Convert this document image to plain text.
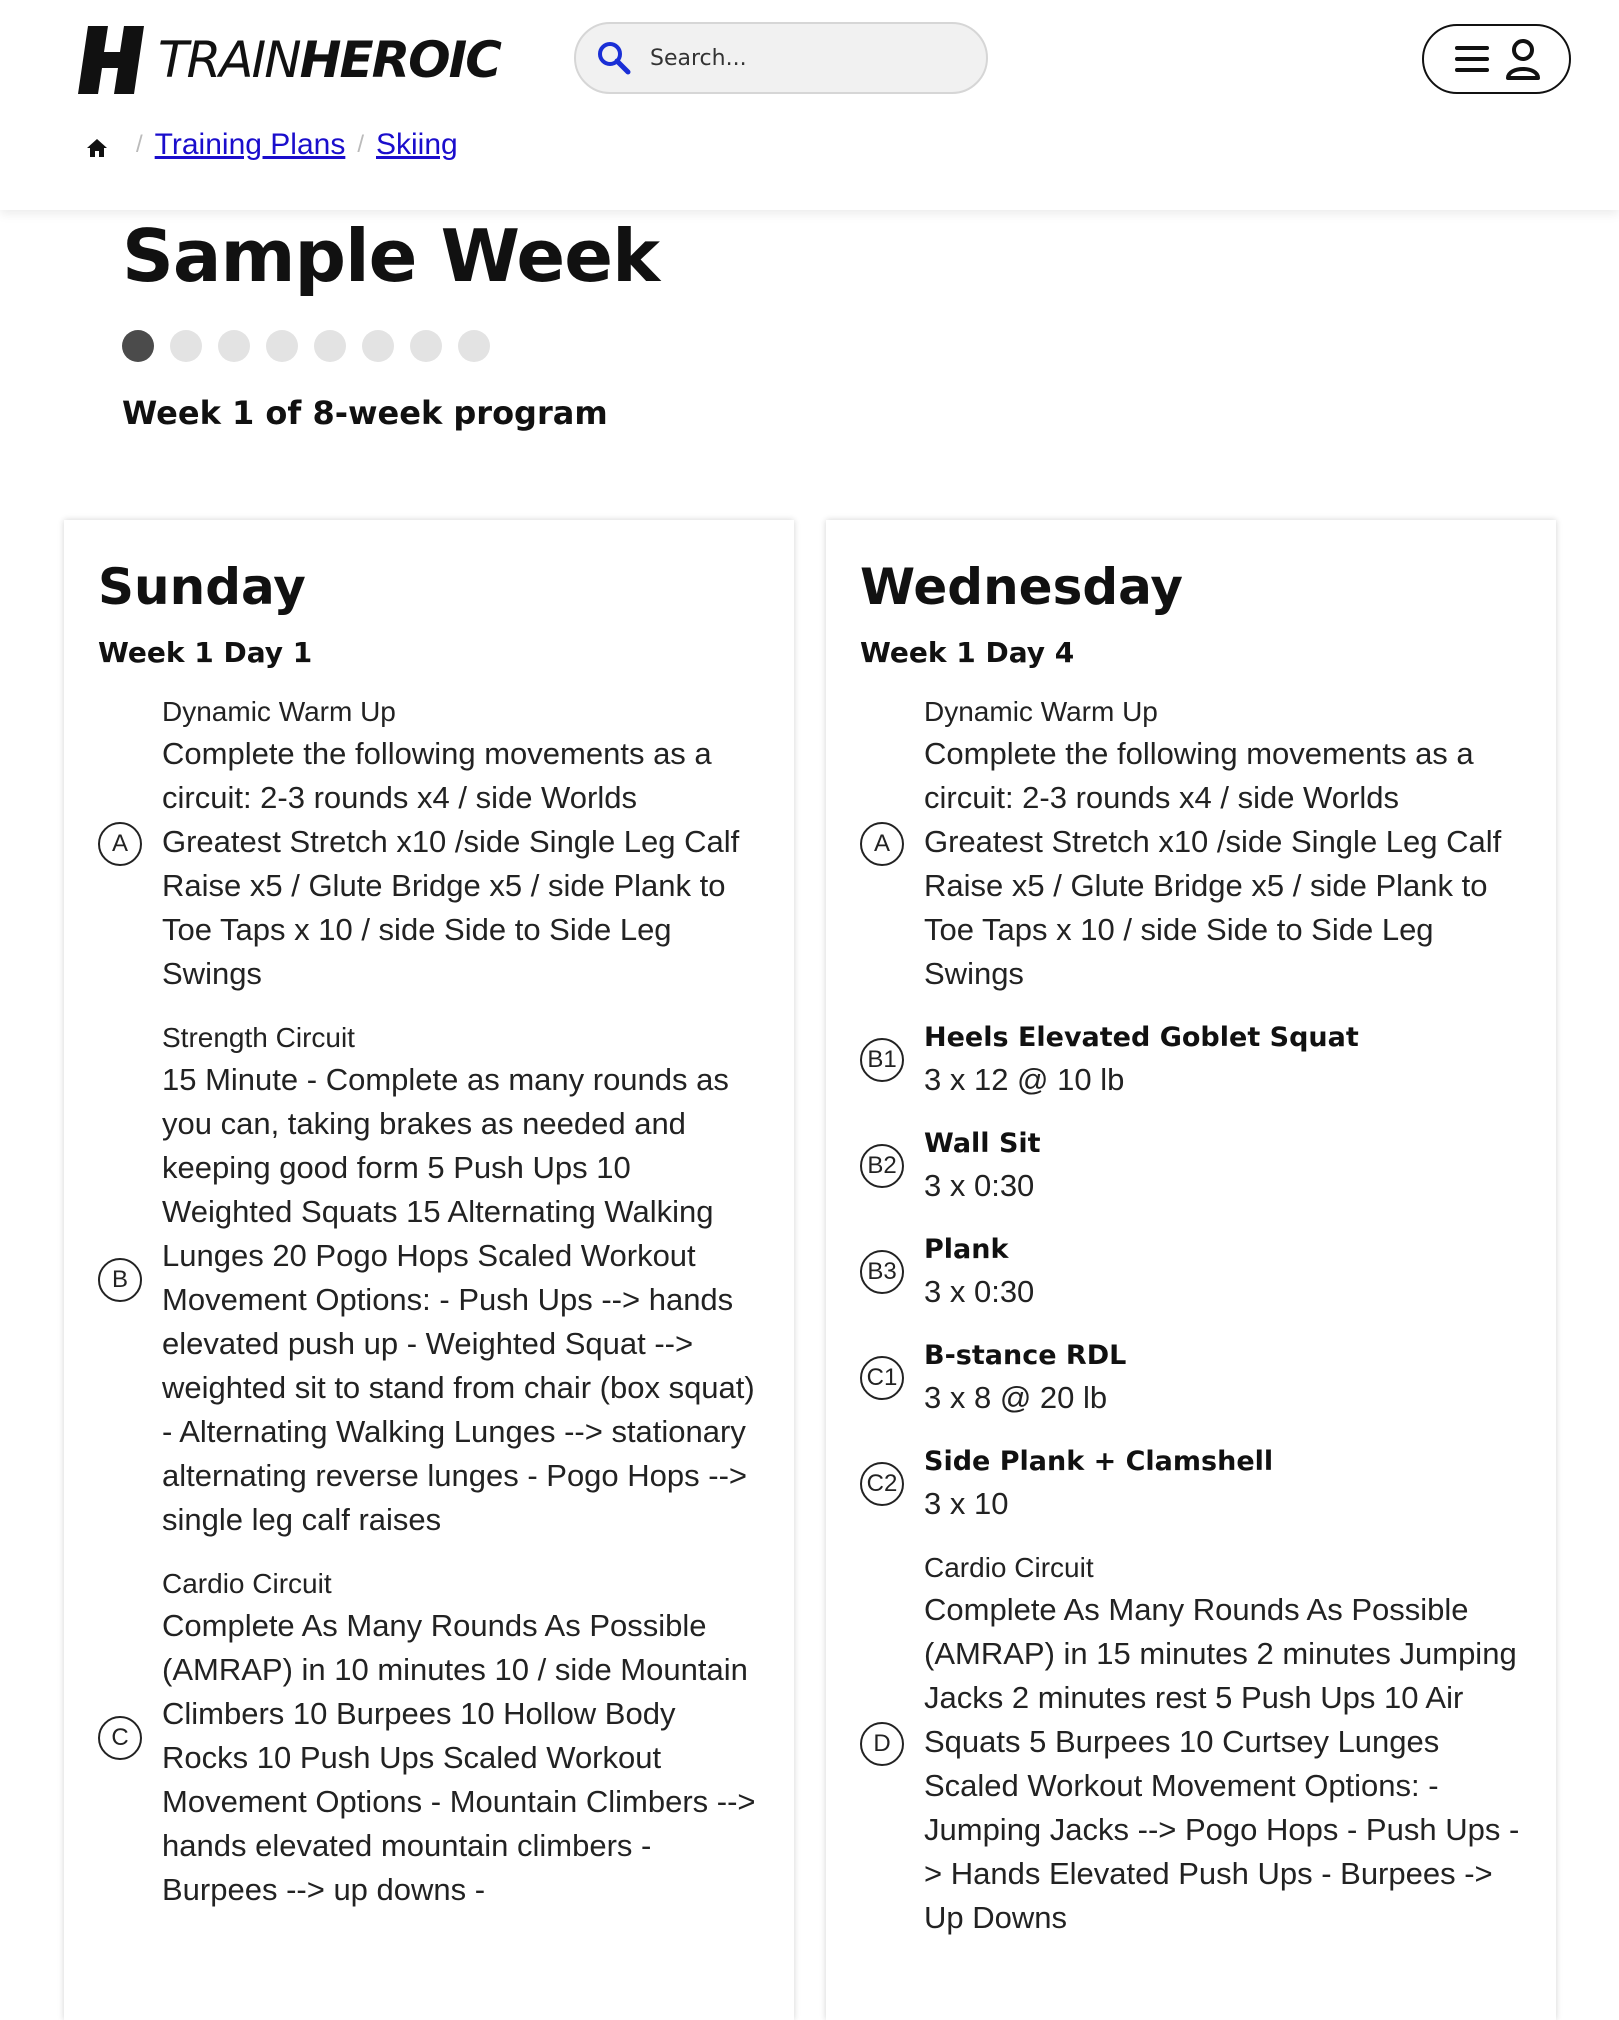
TRAINHEROIC
Search...
/ Training Plans / Skiing
Sample Week
Week 1 of 8-week program
Sunday
Week 1 Day 1
A
Dynamic Warm Up
Complete the following movements as a circuit: 2-3 rounds x4 / side Worlds Greatest Stretch x10 /side Single Leg Calf Raise x5 / Glute Bridge x5 / side Plank to Toe Taps x 10 / side Side to Side Leg Swings
B
Strength Circuit
15 Minute - Complete as many rounds as you can, taking brakes as needed and keeping good form 5 Push Ups 10 Weighted Squats 15 Alternating Walking Lunges 20 Pogo Hops Scaled Workout Movement Options: - Push Ups --> hands elevated push up - Weighted Squat --> weighted sit to stand from chair (box squat) - Alternating Walking Lunges --> stationary alternating reverse lunges - Pogo Hops --> single leg calf raises
C
Cardio Circuit
Complete As Many Rounds As Possible (AMRAP) in 10 minutes 10 / side Mountain Climbers 10 Burpees 10 Hollow Body Rocks 10 Push Ups Scaled Workout Movement Options - Mountain Climbers --> hands elevated mountain climbers - Burpees --> up downs -
Wednesday
Week 1 Day 4
A
Dynamic Warm Up
Complete the following movements as a circuit: 2-3 rounds x4 / side Worlds Greatest Stretch x10 /side Single Leg Calf Raise x5 / Glute Bridge x5 / side Plank to Toe Taps x 10 / side Side to Side Leg Swings
B1
Heels Elevated Goblet Squat
3 x 12 @ 10 lb
B2
Wall Sit
3 x 0:30
B3
Plank
3 x 0:30
C1
B-stance RDL
3 x 8 @ 20 lb
C2
Side Plank + Clamshell
3 x 10
D
Cardio Circuit
Complete As Many Rounds As Possible (AMRAP) in 15 minutes 2 minutes Jumping Jacks 2 minutes rest 5 Push Ups 10 Air Squats 5 Burpees 10 Curtsey Lunges Scaled Workout Movement Options: - Jumping Jacks --> Pogo Hops - Push Ups -> Hands Elevated Push Ups - Burpees -> Up Downs
